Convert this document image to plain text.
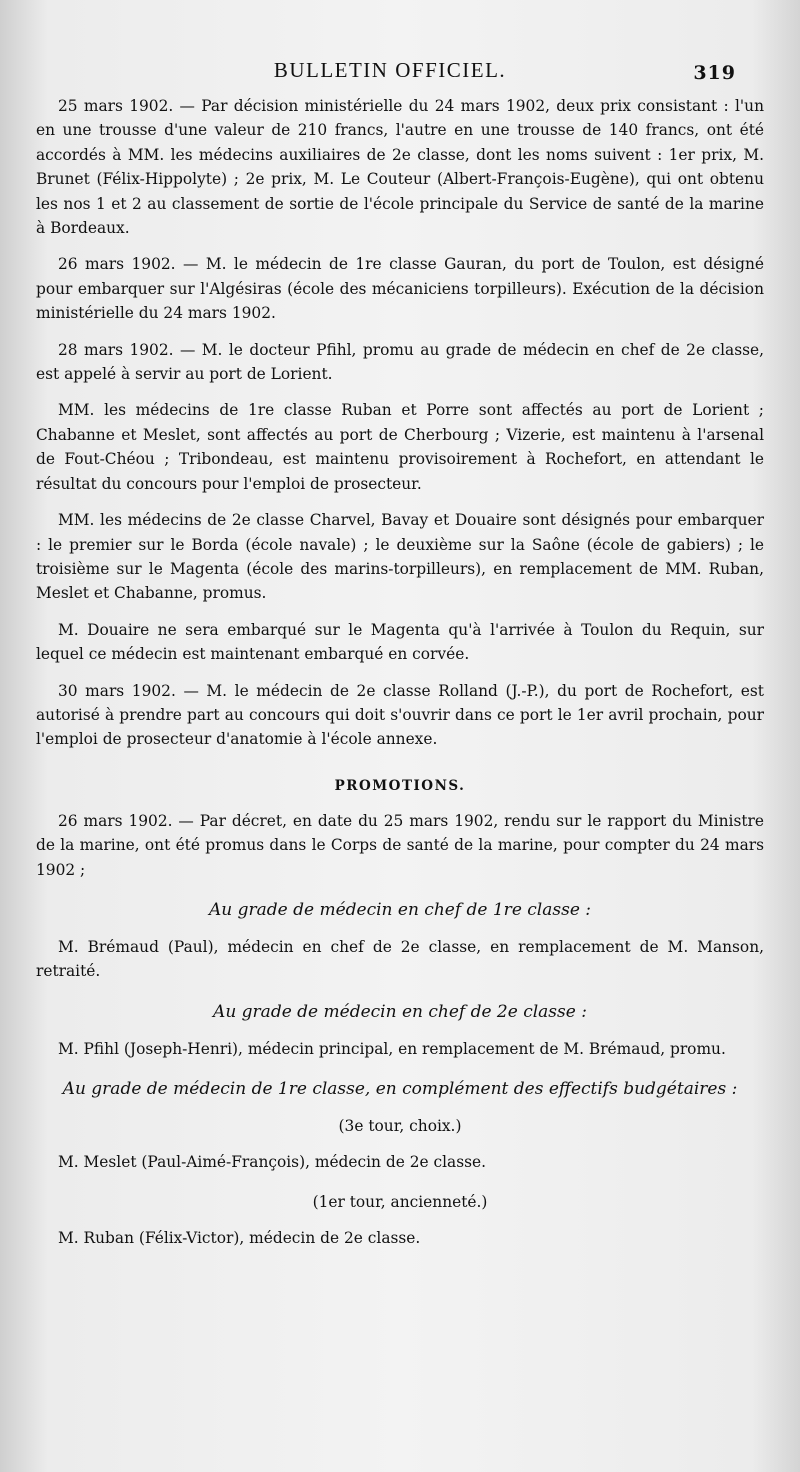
BULLETIN OFFICIEL.	319

25 mars 1902. — Par décision ministérielle du 24 mars 1902, deux prix consistant : l'un en une trousse d'une valeur de 210 francs, l'autre en une trousse de 140 francs, ont été accordés à MM. les médecins auxiliaires de 2e classe, dont les noms suivent : 1er prix, M. Brunet (Félix-Hippolyte) ; 2e prix, M. Le Couteur (Albert-François-Eugène), qui ont obtenu les nos 1 et 2 au classement de sortie de l'école principale du Service de santé de la marine à Bordeaux.

26 mars 1902. — M. le médecin de 1re classe Gauran, du port de Toulon, est désigné pour embarquer sur l'Algésiras (école des mécaniciens torpilleurs). Exécution de la décision ministérielle du 24 mars 1902.

28 mars 1902. — M. le docteur Pfihl, promu au grade de médecin en chef de 2e classe, est appelé à servir au port de Lorient.

MM. les médecins de 1re classe Ruban et Porre sont affectés au port de Lorient ; Chabanne et Meslet, sont affectés au port de Cherbourg ; Vizerie, est maintenu à l'arsenal de Fout-Chéou ; Tribondeau, est maintenu provisoirement à Rochefort, en attendant le résultat du concours pour l'emploi de prosecteur.

MM. les médecins de 2e classe Charvel, Bavay et Douaire sont désignés pour embarquer : le premier sur le Borda (école navale) ; le deuxième sur la Saône (école de gabiers) ; le troisième sur le Magenta (école des marins-torpilleurs), en remplacement de MM. Ruban, Meslet et Chabanne, promus.

M. Douaire ne sera embarqué sur le Magenta qu'à l'arrivée à Toulon du Requin, sur lequel ce médecin est maintenant embarqué en corvée.

30 mars 1902. — M. le médecin de 2e classe Rolland (J.-P.), du port de Rochefort, est autorisé à prendre part au concours qui doit s'ouvrir dans ce port le 1er avril prochain, pour l'emploi de prosecteur d'anatomie à l'école annexe.

PROMOTIONS.

26 mars 1902. — Par décret, en date du 25 mars 1902, rendu sur le rapport du Ministre de la marine, ont été promus dans le Corps de santé de la marine, pour compter du 24 mars 1902 ;

Au grade de médecin en chef de 1re classe :

M. Brémaud (Paul), médecin en chef de 2e classe, en remplacement de M. Manson, retraité.

Au grade de médecin en chef de 2e classe :

M. Pfihl (Joseph-Henri), médecin principal, en remplacement de M. Brémaud, promu.

Au grade de médecin de 1re classe, en complément des effectifs budgétaires :
(3e tour, choix.)

M. Meslet (Paul-Aimé-François), médecin de 2e classe.

(1er tour, ancienneté.)

M. Ruban (Félix-Victor), médecin de 2e classe.
